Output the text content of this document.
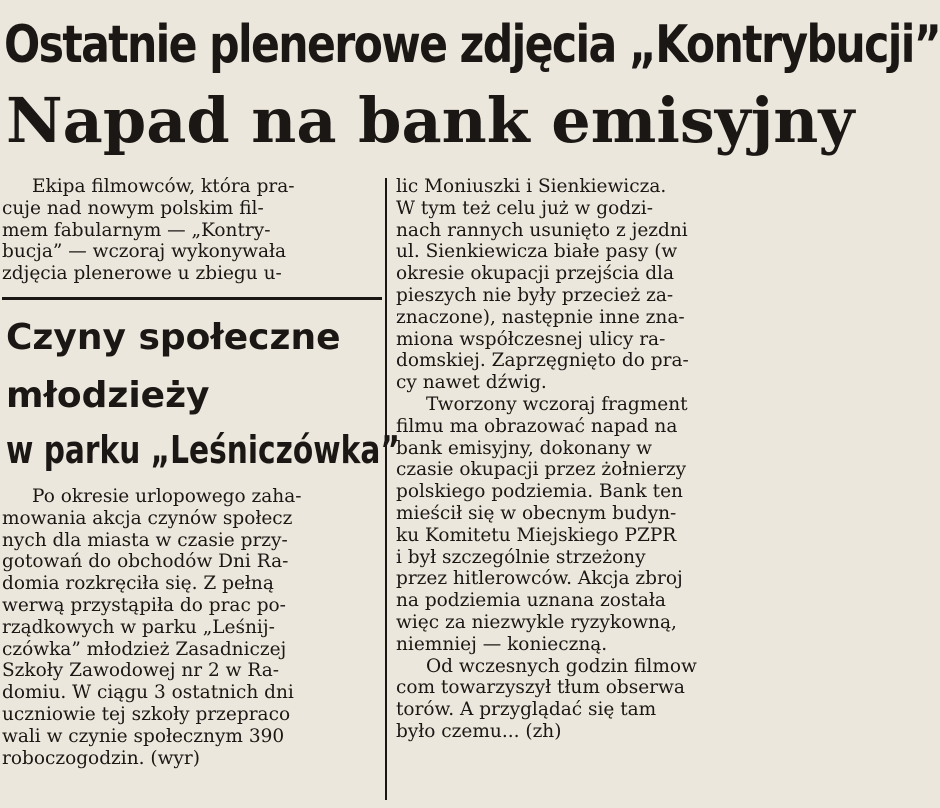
Ostatnie plenerowe zdjęcia „Kontrybucji”
Napad na bank emisyjny

Ekipa filmowców, która pra-
cuje nad nowym polskim fil-
mem fabularnym — „Kontry-
bucja” — wczoraj wykonywała
zdjęcia plenerowe u zbiegu u-

lic Moniuszki i Sienkiewicza.
W tym też celu już w godzi-
nach rannych usunięto z jezdni
ul. Sienkiewicza białe pasy (w
okresie okupacji przejścia dla
pieszych nie były przecież za-
znaczone), następnie inne zna-
miona współczesnej ulicy ra-
domskiej. Zaprzęgnięto do pra-
cy nawet dźwig.
Tworzony wczoraj fragment
filmu ma obrazować napad na
bank emisyjny, dokonany w
czasie okupacji przez żołnierzy
polskiego podziemia. Bank ten
mieścił się w obecnym budyn-
ku Komitetu Miejskiego PZPR
i był szczególnie strzeżony
przez hitlerowców. Akcja zbroj
na podziemia uznana została
więc za niezwykle ryzykowną,
niemniej — konieczną.
Od wczesnych godzin filmow
com towarzyszył tłum obserwa
torów. A przyglądać się tam
było czemu... (zh)

Czyny społeczne
młodzieży
w parku „Leśniczówka”

Po okresie urlopowego zaha-
mowania akcja czynów społecz
nych dla miasta w czasie przy-
gotowań do obchodów Dni Ra-
domia rozkręciła się. Z pełną
werwą przystąpiła do prac po-
rządkowych w parku „Leśnij-
czówka” młodzież Zasadniczej
Szkoły Zawodowej nr 2 w Ra-
domiu. W ciągu 3 ostatnich dni
uczniowie tej szkoły przepraco
wali w czynie społecznym 390
roboczogodzin. (wyr)
